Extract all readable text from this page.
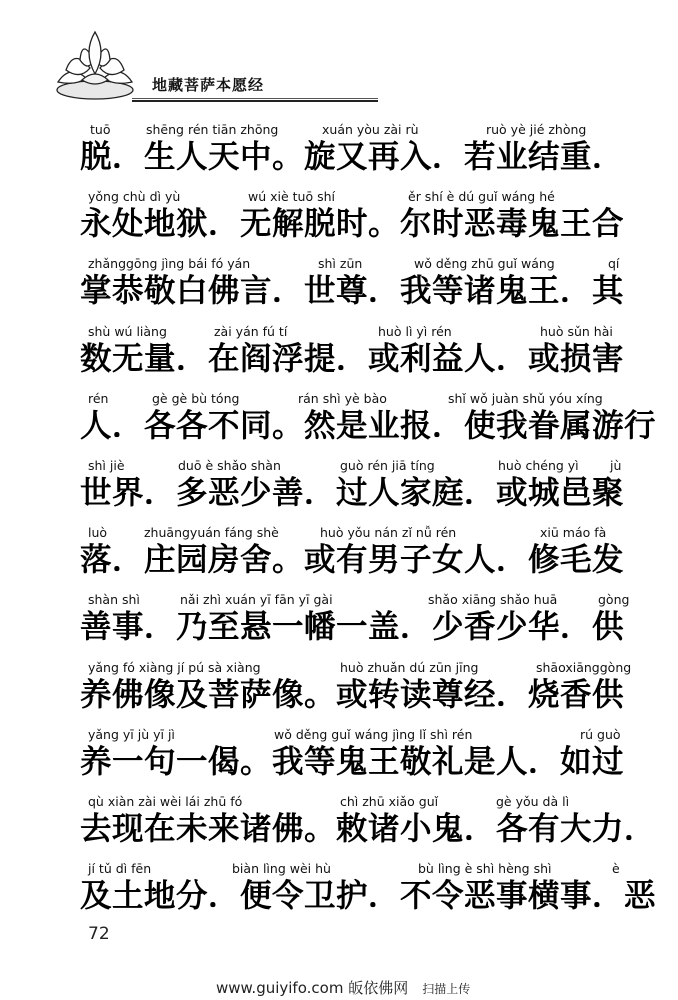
地藏菩萨本愿经
tuō	shēng rén tiān zhōng	xuán yòu zài rù	ruò yè jié zhòng
脱．生人天中。旋又再入．若业结重．
yǒng chù dì yù	wú xiè tuō shí	ěr shí è dú guǐ wáng hé
永处地狱．无解脱时。尔时恶毒鬼王合
zhǎnggōng jìng bái fó yán	shì zūn	wǒ děng zhū guǐ wáng	qí
掌恭敬白佛言．世尊．我等诸鬼王．其
shù wú liàng	zài yán fú tí	huò lì yì rén	huò sǔn hài
数无量．在阎浮提．或利益人．或损害
rén	gè gè bù tóng	rán shì yè bào	shǐ wǒ juàn shǔ yóu xíng
人．各各不同。然是业报．使我眷属游行
shì jiè	duō è shǎo shàn	guò rén jiā tíng	huò chéng yì	jù
世界．多恶少善．过人家庭．或城邑聚
luò	zhuāngyuán fáng shè	huò yǒu nán zǐ nǚ rén	xiū máo fà
落．庄园房舍。或有男子女人．修毛发
shàn shì	nǎi zhì xuán yī fān yī gài	shǎo xiāng shǎo huā	gòng
善事．乃至悬一幡一盖．少香少华．供
yǎng fó xiàng jí pú sà xiàng	huò zhuǎn dú zūn jīng	shāoxiānggòng
养佛像及菩萨像。或转读尊经．烧香供
yǎng yī jù yī jì	wǒ děng guǐ wáng jìng lǐ shì rén	rú guò
养一句一偈。我等鬼王敬礼是人．如过
qù xiàn zài wèi lái zhū fó	chì zhū xiǎo guǐ	gè yǒu dà lì
去现在未来诸佛。敕诸小鬼．各有大力．
jí tǔ dì fēn	biàn lìng wèi hù	bù lìng è shì hèng shì	è
及土地分．便令卫护．不令恶事横事．恶
72
www.guiyifo.com 皈依佛网 扫描上传
